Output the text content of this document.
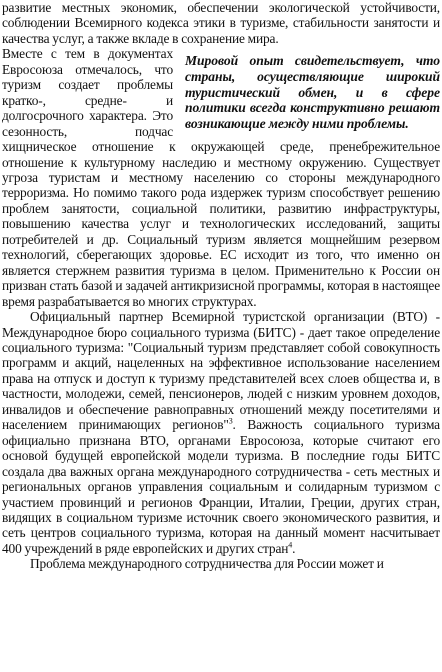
развитие местных экономик, обеспечении экологической устойчивости, соблюдении Всемирного кодекса этики в туризме, стабильности занятости и качества услуг, а также вкладе в сохранение мира.

Мировой опыт свидетельствует, что страны, осуществляющие широкий туристический обмен, и в сфере политики всегда конструктивно решают возникающие между ними проблемы.
Вместе с тем в документах Евросоюза отмечалось, что туризм создает проблемы кратко-, средне- и долгосрочного характера. Это сезонность, подчас хищническое отношение к окружающей среде, пренебрежительное отношение к культурному наследию и местному окружению. Существует угроза туристам и местному населению со стороны международного терроризма. Но помимо такого рода издержек туризм способствует решению проблем занятости, социальной политики, развитию инфраструктуры, повышению качества услуг и технологических исследований, защиты потребителей и др. Социальный туризм является мощнейшим резервом технологий, сберегающих здоровье. ЕС исходит из того, что именно он является стержнем развития туризма в целом. Применительно к России он призван стать базой и задачей антикризисной программы, которая в настоящее время разрабатывается во многих структурах.

Официальный партнер Всемирной туристской организации (ВТО) - Международное бюро социального туризма (БИТС) - дает такое определение социального туризма: "Социальный туризм представляет собой совокупность программ и акций, нацеленных на эффективное использование населением права на отпуск и доступ к туризму представителей всех слоев общества и, в частности, молодежи, семей, пенсионеров, людей с низким уровнем доходов, инвалидов и обеспечение равноправных отношений между посетителями и населением принимающих регионов"$^3$. Важность социального туризма официально признана ВТО, органами Евросоюза, которые считают его основой будущей европейской модели туризма. В последние годы БИТС создала два важных органа международного сотрудничества - сеть местных и региональных органов управления социальным и солидарным туризмом с участием провинций и регионов Франции, Италии, Греции, других стран, видящих в социальном туризме источник своего экономического развития, и сеть центров социального туризма, которая на данный момент насчитывает 400 учреждений в ряде европейских и других стран$^4$.

Проблема международного сотрудничества для России может и
